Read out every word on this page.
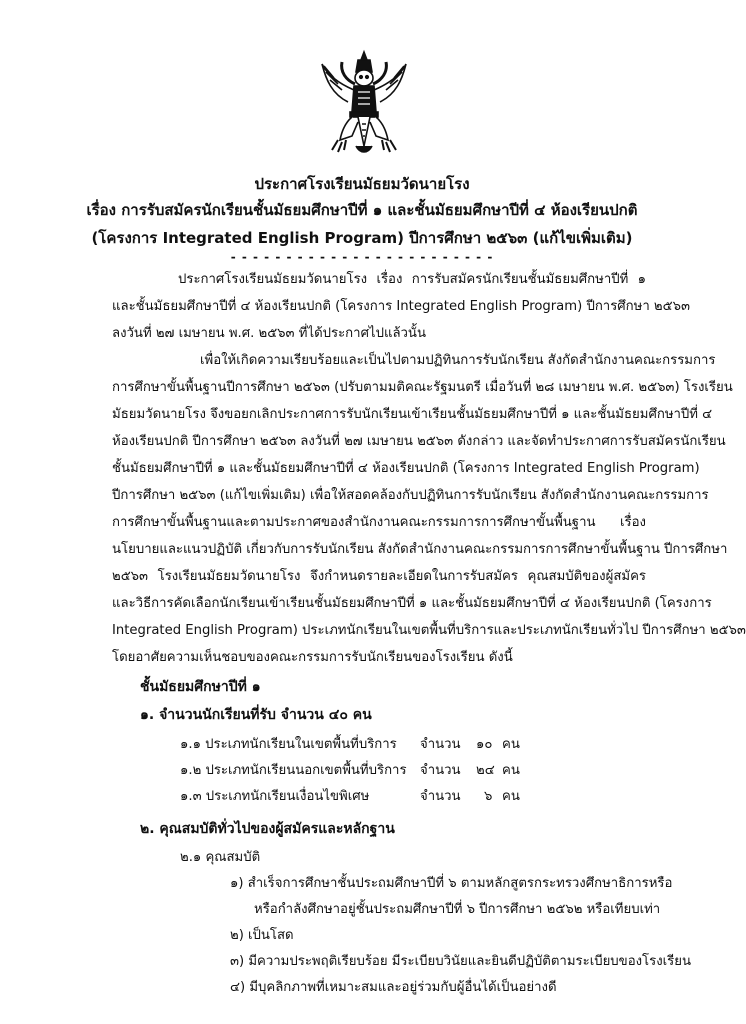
ประกาศโรงเรียนมัธยมวัดนายโรง
เรื่อง การรับสมัครนักเรียนชั้นมัธยมศึกษาปีที่ ๑ และชั้นมัธยมศึกษาปีที่ ๔ ห้องเรียนปกติ
(โครงการ Integrated English Program) ปีการศึกษา ๒๕๖๓ (แก้ไขเพิ่มเติม)
- - - - - - - - - - - - - - - - - - - - - - - -
ประกาศโรงเรียนมัธยมวัดนายโรง เรื่อง การรับสมัครนักเรียนชั้นมัธยมศึกษาปีที่ ๑
และชั้นมัธยมศึกษาปีที่ ๔ ห้องเรียนปกติ (โครงการ Integrated English Program) ปีการศึกษา ๒๕๖๓
ลงวันที่ ๒๗ เมษายน พ.ศ. ๒๕๖๓ ที่ได้ประกาศไปแล้วนั้น
เพื่อให้เกิดความเรียบร้อยและเป็นไปตามปฏิทินการรับนักเรียน สังกัดสำนักงานคณะกรรมการ
การศึกษาขั้นพื้นฐานปีการศึกษา ๒๕๖๓ (ปรับตามมติคณะรัฐมนตรี เมื่อวันที่ ๒๘ เมษายน พ.ศ. ๒๕๖๓) โรงเรียน
มัธยมวัดนายโรง จึงขอยกเลิกประกาศการรับนักเรียนเข้าเรียนชั้นมัธยมศึกษาปีที่ ๑ และชั้นมัธยมศึกษาปีที่ ๔
ห้องเรียนปกติ ปีการศึกษา ๒๕๖๓ ลงวันที่ ๒๗ เมษายน ๒๕๖๓ ดังกล่าว และจัดทำประกาศการรับสมัครนักเรียน
ชั้นมัธยมศึกษาปีที่ ๑ และชั้นมัธยมศึกษาปีที่ ๔ ห้องเรียนปกติ (โครงการ Integrated English Program)
ปีการศึกษา ๒๕๖๓ (แก้ไขเพิ่มเติม) เพื่อให้สอดคล้องกับปฏิทินการรับนักเรียน สังกัดสำนักงานคณะกรรมการ
การศึกษาขั้นพื้นฐานและตามประกาศของสำนักงานคณะกรรมการการศึกษาขั้นพื้นฐาน เรื่อง
นโยบายและแนวปฏิบัติ เกี่ยวกับการรับนักเรียน สังกัดสำนักงานคณะกรรมการการศึกษาขั้นพื้นฐาน ปีการศึกษา
๒๕๖๓ โรงเรียนมัธยมวัดนายโรง จึงกำหนดรายละเอียดในการรับสมัคร คุณสมบัติของผู้สมัคร
และวิธีการคัดเลือกนักเรียนเข้าเรียนชั้นมัธยมศึกษาปีที่ ๑ และชั้นมัธยมศึกษาปีที่ ๔ ห้องเรียนปกติ (โครงการ
Integrated English Program) ประเภทนักเรียนในเขตพื้นที่บริการและประเภทนักเรียนทั่วไป ปีการศึกษา ๒๕๖๓
โดยอาศัยความเห็นชอบของคณะกรรมการรับนักเรียนของโรงเรียน ดังนี้
ชั้นมัธยมศึกษาปีที่ ๑
๑. จำนวนนักเรียนที่รับ จำนวน ๔๐ คน
๑.๑ ประเภทนักเรียนในเขตพื้นที่บริการ จำนวน ๑๐ คน
๑.๒ ประเภทนักเรียนนอกเขตพื้นที่บริการ จำนวน ๒๔ คน
๑.๓ ประเภทนักเรียนเงื่อนไขพิเศษ	จำนวน ๖ คน
๒. คุณสมบัติทั่วไปของผู้สมัครและหลักฐาน
๒.๑ คุณสมบัติ
๑) สำเร็จการศึกษาชั้นประถมศึกษาปีที่ ๖ ตามหลักสูตรกระทรวงศึกษาธิการหรือ
หรือกำลังศึกษาอยู่ชั้นประถมศึกษาปีที่ ๖ ปีการศึกษา ๒๕๖๒ หรือเทียบเท่า
๒) เป็นโสด
๓) มีความประพฤติเรียบร้อย มีระเบียบวินัยและยินดีปฏิบัติตามระเบียบของโรงเรียน
๔) มีบุคลิกภาพที่เหมาะสมและอยู่ร่วมกับผู้อื่นได้เป็นอย่างดี
